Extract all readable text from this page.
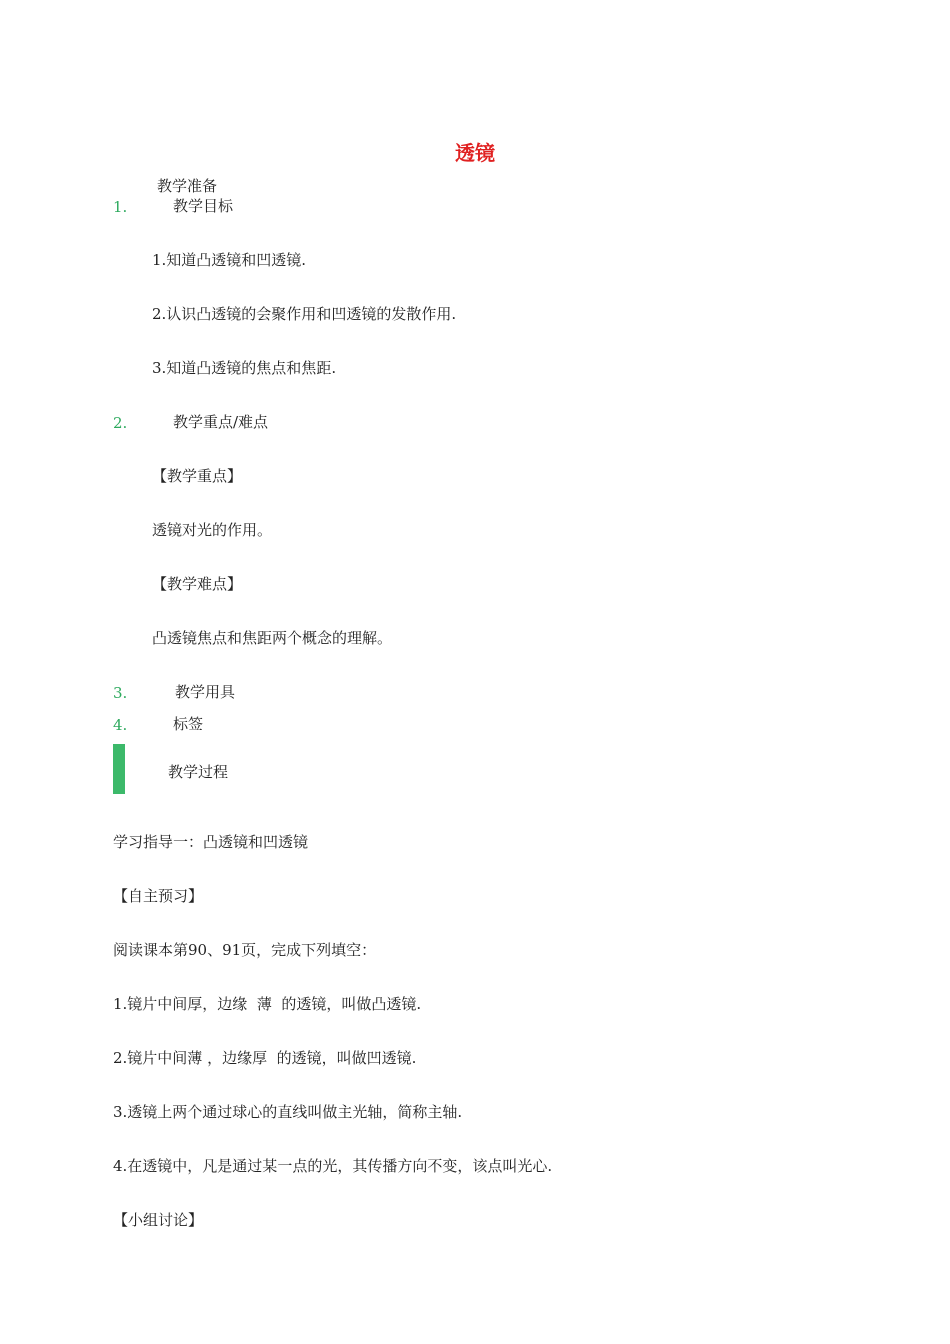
透镜
教学准备
1.	教学目标
1.知道凸透镜和凹透镜.
2.认识凸透镜的会聚作用和凹透镜的发散作用.
3.知道凸透镜的焦点和焦距.
2.	教学重点/难点
【教学重点】
透镜对光的作用。
【教学难点】
凸透镜焦点和焦距两个概念的理解。
3.	教学用具
4.	标签
教学过程
学习指导一：凸透镜和凹透镜
【自主预习】
阅读课本第90、91页，完成下列填空：
1.镜片中间厚，边缘  薄  的透镜，叫做凸透镜.
2.镜片中间薄 ，边缘厚  的透镜，叫做凹透镜.
3.透镜上两个通过球心的直线叫做主光轴，简称主轴.
4.在透镜中，凡是通过某一点的光，其传播方向不变，该点叫光心.
【小组讨论】
